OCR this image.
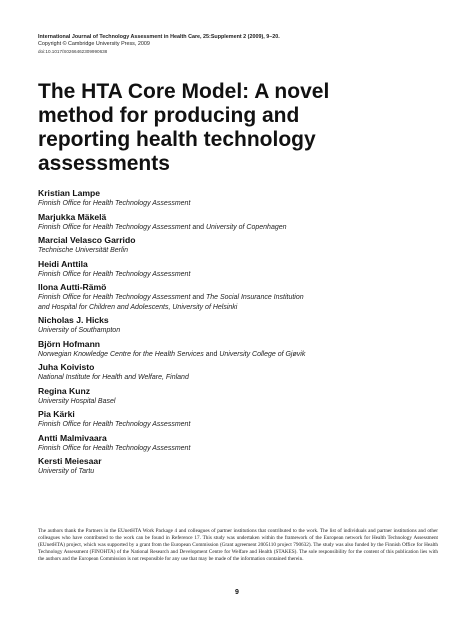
International Journal of Technology Assessment in Health Care, 25:Supplement 2 (2009), 9–20.
Copyright © Cambridge University Press, 2009
doi:10.1017/S0266462309990638
The HTA Core Model: A novel method for producing and reporting health technology assessments
Kristian Lampe
Finnish Office for Health Technology Assessment
Marjukka Mäkelä
Finnish Office for Health Technology Assessment and University of Copenhagen
Marcial Velasco Garrido
Technische Universität Berlin
Heidi Anttila
Finnish Office for Health Technology Assessment
Ilona Autti-Rämö
Finnish Office for Health Technology Assessment and The Social Insurance Institution
and Hospital for Children and Adolescents, University of Helsinki
Nicholas J. Hicks
University of Southampton
Björn Hofmann
Norwegian Knowledge Centre for the Health Services and University College of Gjøvik
Juha Koivisto
National Institute for Health and Welfare, Finland
Regina Kunz
University Hospital Basel
Pia Kärki
Finnish Office for Health Technology Assessment
Antti Malmivaara
Finnish Office for Health Technology Assessment
Kersti Meiesaar
University of Tartu
The authors thank the Partners in the EUnetHTA Work Package 4 and colleagues of partner institutions that contributed to the work. The list of individuals and partner institutions and other colleagues who have contributed to the work can be found in Reference 17. This study was undertaken within the framework of the European network for Health Technology Assessment (EUnetHTA) project, which was supported by a grant from the European Commission (Grant agreement 2005110 project 790632). The study was also funded by the Finnish Office for Health Technology Assessment (FINOHTA) of the National Research and Development Centre for Welfare and Health (STAKES). The sole responsibility for the content of this publication lies with the authors and the European Commission is not responsible for any use that may be made of the information contained therein.
9
